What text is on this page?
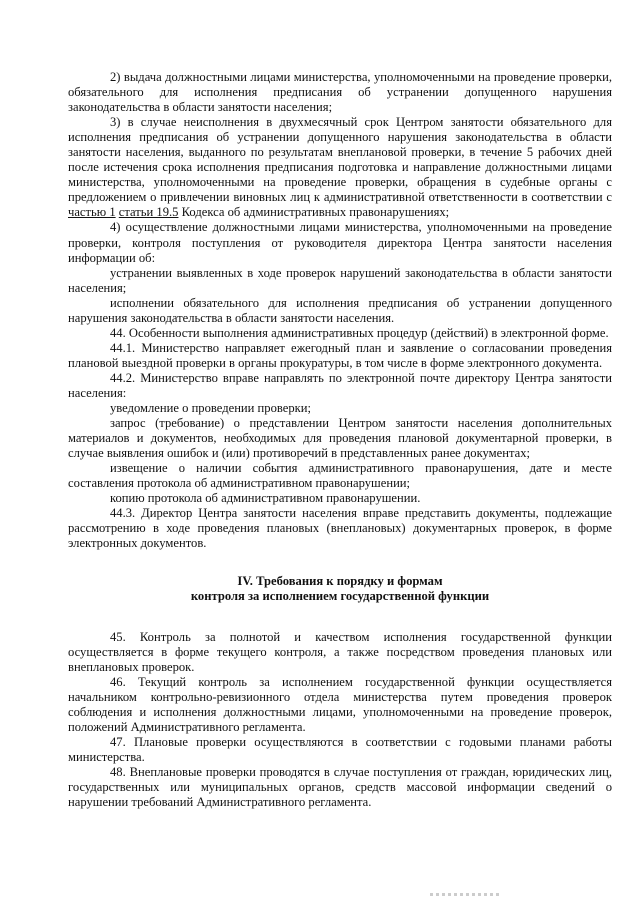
2) выдача должностными лицами министерства, уполномоченными на проведение проверки, обязательного для исполнения предписания об устранении допущенного нарушения законодательства в области занятости населения;

3) в случае неисполнения в двухмесячный срок Центром занятости обязательного для исполнения предписания об устранении допущенного нарушения законодательства в области занятости населения, выданного по результатам внеплановой проверки, в течение 5 рабочих дней после истечения срока исполнения предписания подготовка и направление должностными лицами министерства, уполномоченными на проведение проверки, обращения в судебные органы с предложением о привлечении виновных лиц к административной ответственности в соответствии с частью 1 статьи 19.5 Кодекса об административных правонарушениях;

4) осуществление должностными лицами министерства, уполномоченными на проведение проверки, контроля поступления от руководителя директора Центра занятости населения информации об:

устранении выявленных в ходе проверок нарушений законодательства в области занятости населения;

исполнении обязательного для исполнения предписания об устранении допущенного нарушения законодательства в области занятости населения.

44. Особенности выполнения административных процедур (действий) в электронной форме.

44.1. Министерство направляет ежегодный план и заявление о согласовании проведения плановой выездной проверки в органы прокуратуры, в том числе в форме электронного документа.

44.2. Министерство вправе направлять по электронной почте директору Центра занятости населения:

уведомление о проведении проверки;

запрос (требование) о представлении Центром занятости населения дополнительных материалов и документов, необходимых для проведения плановой документарной проверки, в случае выявления ошибок и (или) противоречий в представленных ранее документах;

извещение о наличии события административного правонарушения, дате и месте составления протокола об административном правонарушении;

копию протокола об административном правонарушении.

44.3. Директор Центра занятости населения вправе представить документы, подлежащие рассмотрению в ходе проведения плановых (внеплановых) документарных проверок, в форме электронных документов.

IV. Требования к порядку и формам
контроля за исполнением государственной функции

45. Контроль за полнотой и качеством исполнения государственной функции осуществляется в форме текущего контроля, а также посредством проведения плановых или внеплановых проверок.

46. Текущий контроль за исполнением государственной функции осуществляется начальником контрольно-ревизионного отдела министерства путем проведения проверок соблюдения и исполнения должностными лицами, уполномоченными на проведение проверок, положений Административного регламента.

47. Плановые проверки осуществляются в соответствии с годовыми планами работы министерства.

48. Внеплановые проверки проводятся в случае поступления от граждан, юридических лиц, государственных или муниципальных органов, средств массовой информации сведений о нарушении требований Административного регламента.
